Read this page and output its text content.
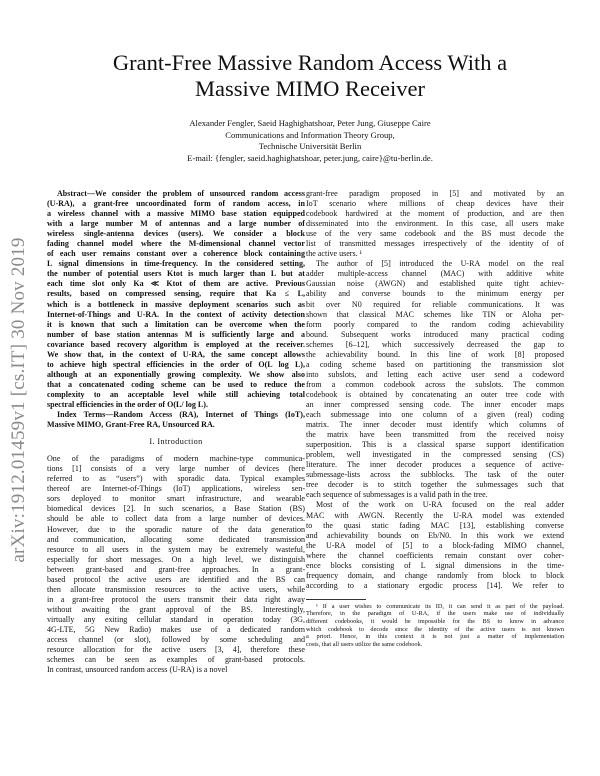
arXiv:1912.01459v1 [cs.IT] 30 Nov 2019
Grant-Free Massive Random Access With a
Massive MIMO Receiver
Alexander Fengler, Saeid Haghighatshoar, Peter Jung, Giuseppe Caire
Communications and Information Theory Group,
Technische Universität Berlin
E-mail: {fengler, saeid.haghighatshoar, peter.jung, caire}@tu-berlin.de.
Abstract—We consider the problem of unsourced random access
(U-RA), a grant-free uncoordinated form of random access, in
a wireless channel with a massive MIMO base station equipped
with a large number M of antennas and a large number of
wireless single-antenna devices (users). We consider a block
fading channel model where the M-dimensional channel vector
of each user remains constant over a coherence block containing
L signal dimensions in time-frequency. In the considered setting,
the number of potential users Ktot is much larger than L but at
each time slot only Ka ≪ Ktot of them are active. Previous
results, based on compressed sensing, require that Ka ≤ L,
which is a bottleneck in massive deployment scenarios such as
Internet-of-Things and U-RA. In the context of activity detection
it is known that such a limitation can be overcome when the
number of base station antennas M is sufficiently large and a
covariance based recovery algorithm is employed at the receiver.
We show that, in the context of U-RA, the same concept allows
to achieve high spectral efficiencies in the order of O(L log L),
although at an exponentially growing complexity. We show also
that a concatenated coding scheme can be used to reduce the
complexity to an acceptable level while still achieving total
spectral efficiencies in the order of O(L/ log L).
Index Terms—Random Access (RA), Internet of Things (IoT),
Massive MIMO, Grant-Free RA, Unsourced RA.
I. Introduction
One of the paradigms of modern machine-type communica-
tions [1] consists of a very large number of devices (here
referred to as “users”) with sporadic data. Typical examples
thereof are Internet-of-Things (IoT) applications, wireless sen-
sors deployed to monitor smart infrastructure, and wearable
biomedical devices [2]. In such scenarios, a Base Station (BS)
should be able to collect data from a large number of devices.
However, due to the sporadic nature of the data generation
and communication, allocating some dedicated transmission
resource to all users in the system may be extremely wasteful,
especially for short messages. On a high level, we distinguish
between grant-based and grant-free approaches. In a grant-
based protocol the active users are identified and the BS can
then allocate transmission resources to the active users, while
in a grant-free protocol the users transmit their data right away
without awaiting the grant approval of the BS. Interestingly,
virtually any exiting cellular standard in operation today (3G,
4G-LTE, 5G New Radio) makes use of a dedicated random
access channel (or slot), followed by some scheduling and
resource allocation for the active users [3, 4], therefore these
schemes can be seen as examples of grant-based protocols.
In contrast, unsourced random access (U-RA) is a novel
grant-free paradigm proposed in [5] and motivated by an
IoT scenario where millions of cheap devices have their
codebook hardwired at the moment of production, and are then
disseminated into the environment. In this case, all users make
use of the very same codebook and the BS must decode the
list of transmitted messages irrespectively of the identity of of
the active users. ¹
The author of [5] introduced the U-RA model on the real
adder multiple-access channel (MAC) with additive white
Gaussian noise (AWGN) and established quite tight achiev-
ability and converse bounds to the minimum energy per
bit over N0 required for reliable communications. It was
shown that classical MAC schemes like TIN or Aloha per-
form poorly compared to the random coding achievability
bound. Subsequent works introduced many practical coding
schemes [6–12], which successively decreased the gap to
the achievability bound. In this line of work [8] proposed
a coding scheme based on partitioning the transmission slot
into subslots, and letting each active user send a codeword
from a common codebook across the subslots. The common
codebook is obtained by concatenating an outer tree code with
an inner compressed sensing code. The inner encoder maps
each submessage into one column of a given (real) coding
matrix. The inner decoder must identify which columns of
the matrix have been transmitted from the received noisy
superposition. This is a classical sparse support identification
problem, well investigated in the compressed sensing (CS)
literature. The inner decoder produces a sequence of active-
submessage-lists across the subblocks. The task of the outer
tree decoder is to stitch together the submessages such that
each sequence of submessages is a valid path in the tree.
Most of the work on U-RA focused on the real adder
MAC with AWGN. Recently the U-RA model was extended
to the quasi static fading MAC [13], establishing converse
and achievability bounds on Eb/N0. In this work we extend
the U-RA model of [5] to a block-fading MIMO channel,
where the channel coefficients remain constant over coher-
ence blocks consisting of L signal dimensions in the time-
frequency domain, and change randomly from block to block
according to a stationary ergodic process [14]. We refer to
¹ If a user wishes to communicate its ID, it can send it as part of the payload.
Therefore, in the paradigm of U-RA, if the users make use of individually
different codebooks, it would be impossible for the BS to know in advance
which codebook to decode since the identity of the active users is not known
a priori. Hence, in this context it is not just a matter of implementation
costs, that all users utilize the same codebook.
